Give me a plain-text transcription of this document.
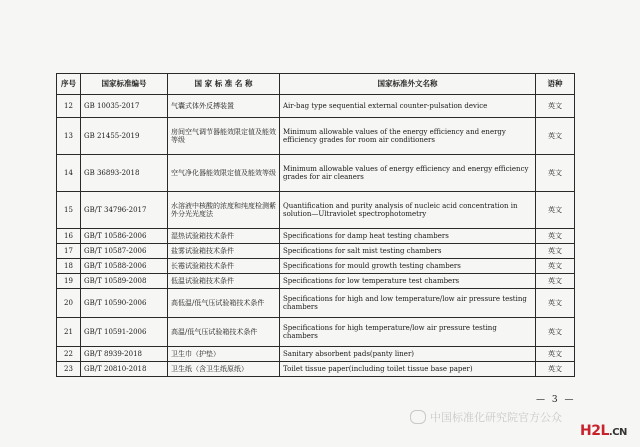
序号	国家标准编号	国 家 标 准 名 称	国家标准外文名称	语种
12	GB 10035-2017	气囊式体外反搏装置	Air-bag type sequential external counter-pulsation device	英文
13	GB 21455-2019	房间空气调节器能效限定值及能效等级	Minimum allowable values of the energy efficiency and energy efficiency grades for room air conditioners	英文
14	GB 36893-2018	空气净化器能效限定值及能效等级	Minimum allowable values of energy efficiency and energy efficiency grades for air cleaners	英文
15	GB/T 34796-2017	水溶液中核酸的浓度和纯度检测紫外分光光度法	Quantification and purity analysis of nucleic acid concentration in solution—Ultraviolet spectrophotometry	英文
16	GB/T 10586-2006	湿热试验箱技术条件	Specifications for damp heat testing chambers	英文
17	GB/T 10587-2006	盐雾试验箱技术条件	Specifications for salt mist testing chambers	英文
18	GB/T 10588-2006	长霉试验箱技术条件	Specifications for mould growth testing chambers	英文
19	GB/T 10589-2008	低温试验箱技术条件	Specifications for low temperature test chambers	英文
20	GB/T 10590-2006	高低温/低气压试验箱技术条件	Specifications for high and low temperature/low air pressure testing chambers	英文
21	GB/T 10591-2006	高温/低气压试验箱技术条件	Specifications for high temperature/low air pressure testing chambers	英文
22	GB/T 8939-2018	卫生巾（护垫）	Sanitary absorbent pads(panty liner)	英文
23	GB/T 20810-2018	卫生纸（含卫生纸原纸）	Toilet tissue paper(including toilet tissue base paper)	英文
— 3 —
中国标准化研究院官方公众
H2L.CN
